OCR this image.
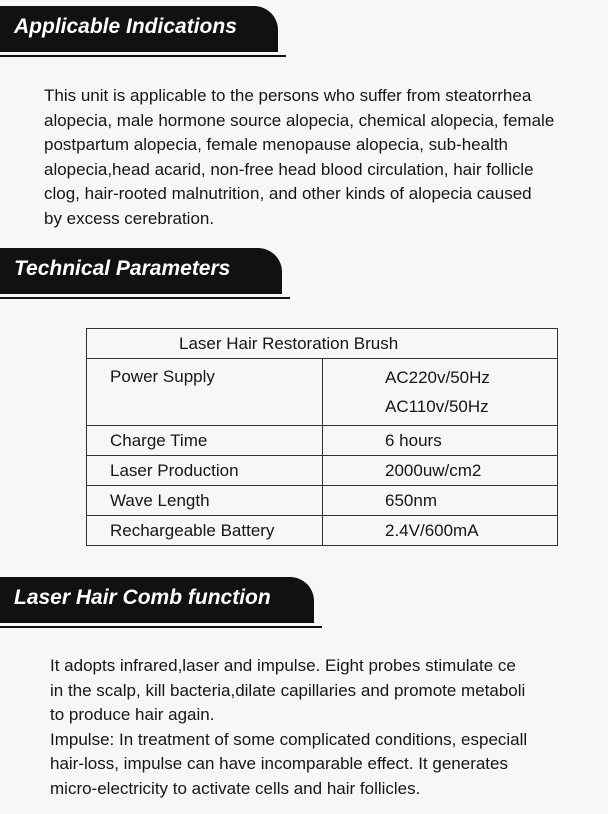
Applicable Indications
This unit is applicable to the persons who suffer from steatorrhea
alopecia, male hormone source alopecia, chemical alopecia, female
postpartum alopecia, female menopause alopecia, sub-health
alopecia,head acarid, non-free head blood circulation, hair follicle
clog, hair-rooted malnutrition, and other kinds of alopecia caused
by excess cerebration.
Technical Parameters
Laser Hair Restoration Brush	
Power Supply	AC220v/50Hz
AC110v/50Hz

Charge Time	6 hours
Laser Production	2000uw/cm2
Wave Length	650nm
Rechargeable Battery	2.4V/600mA
Laser Hair Comb function
It adopts infrared,laser and impulse. Eight probes stimulate ce
in the scalp, kill bacteria,dilate capillaries and promote metaboli
to produce hair again.
Impulse: In treatment of some complicated conditions, especiall
hair-loss, impulse can have incomparable effect. It generates
micro-electricity to activate cells and hair follicles.
